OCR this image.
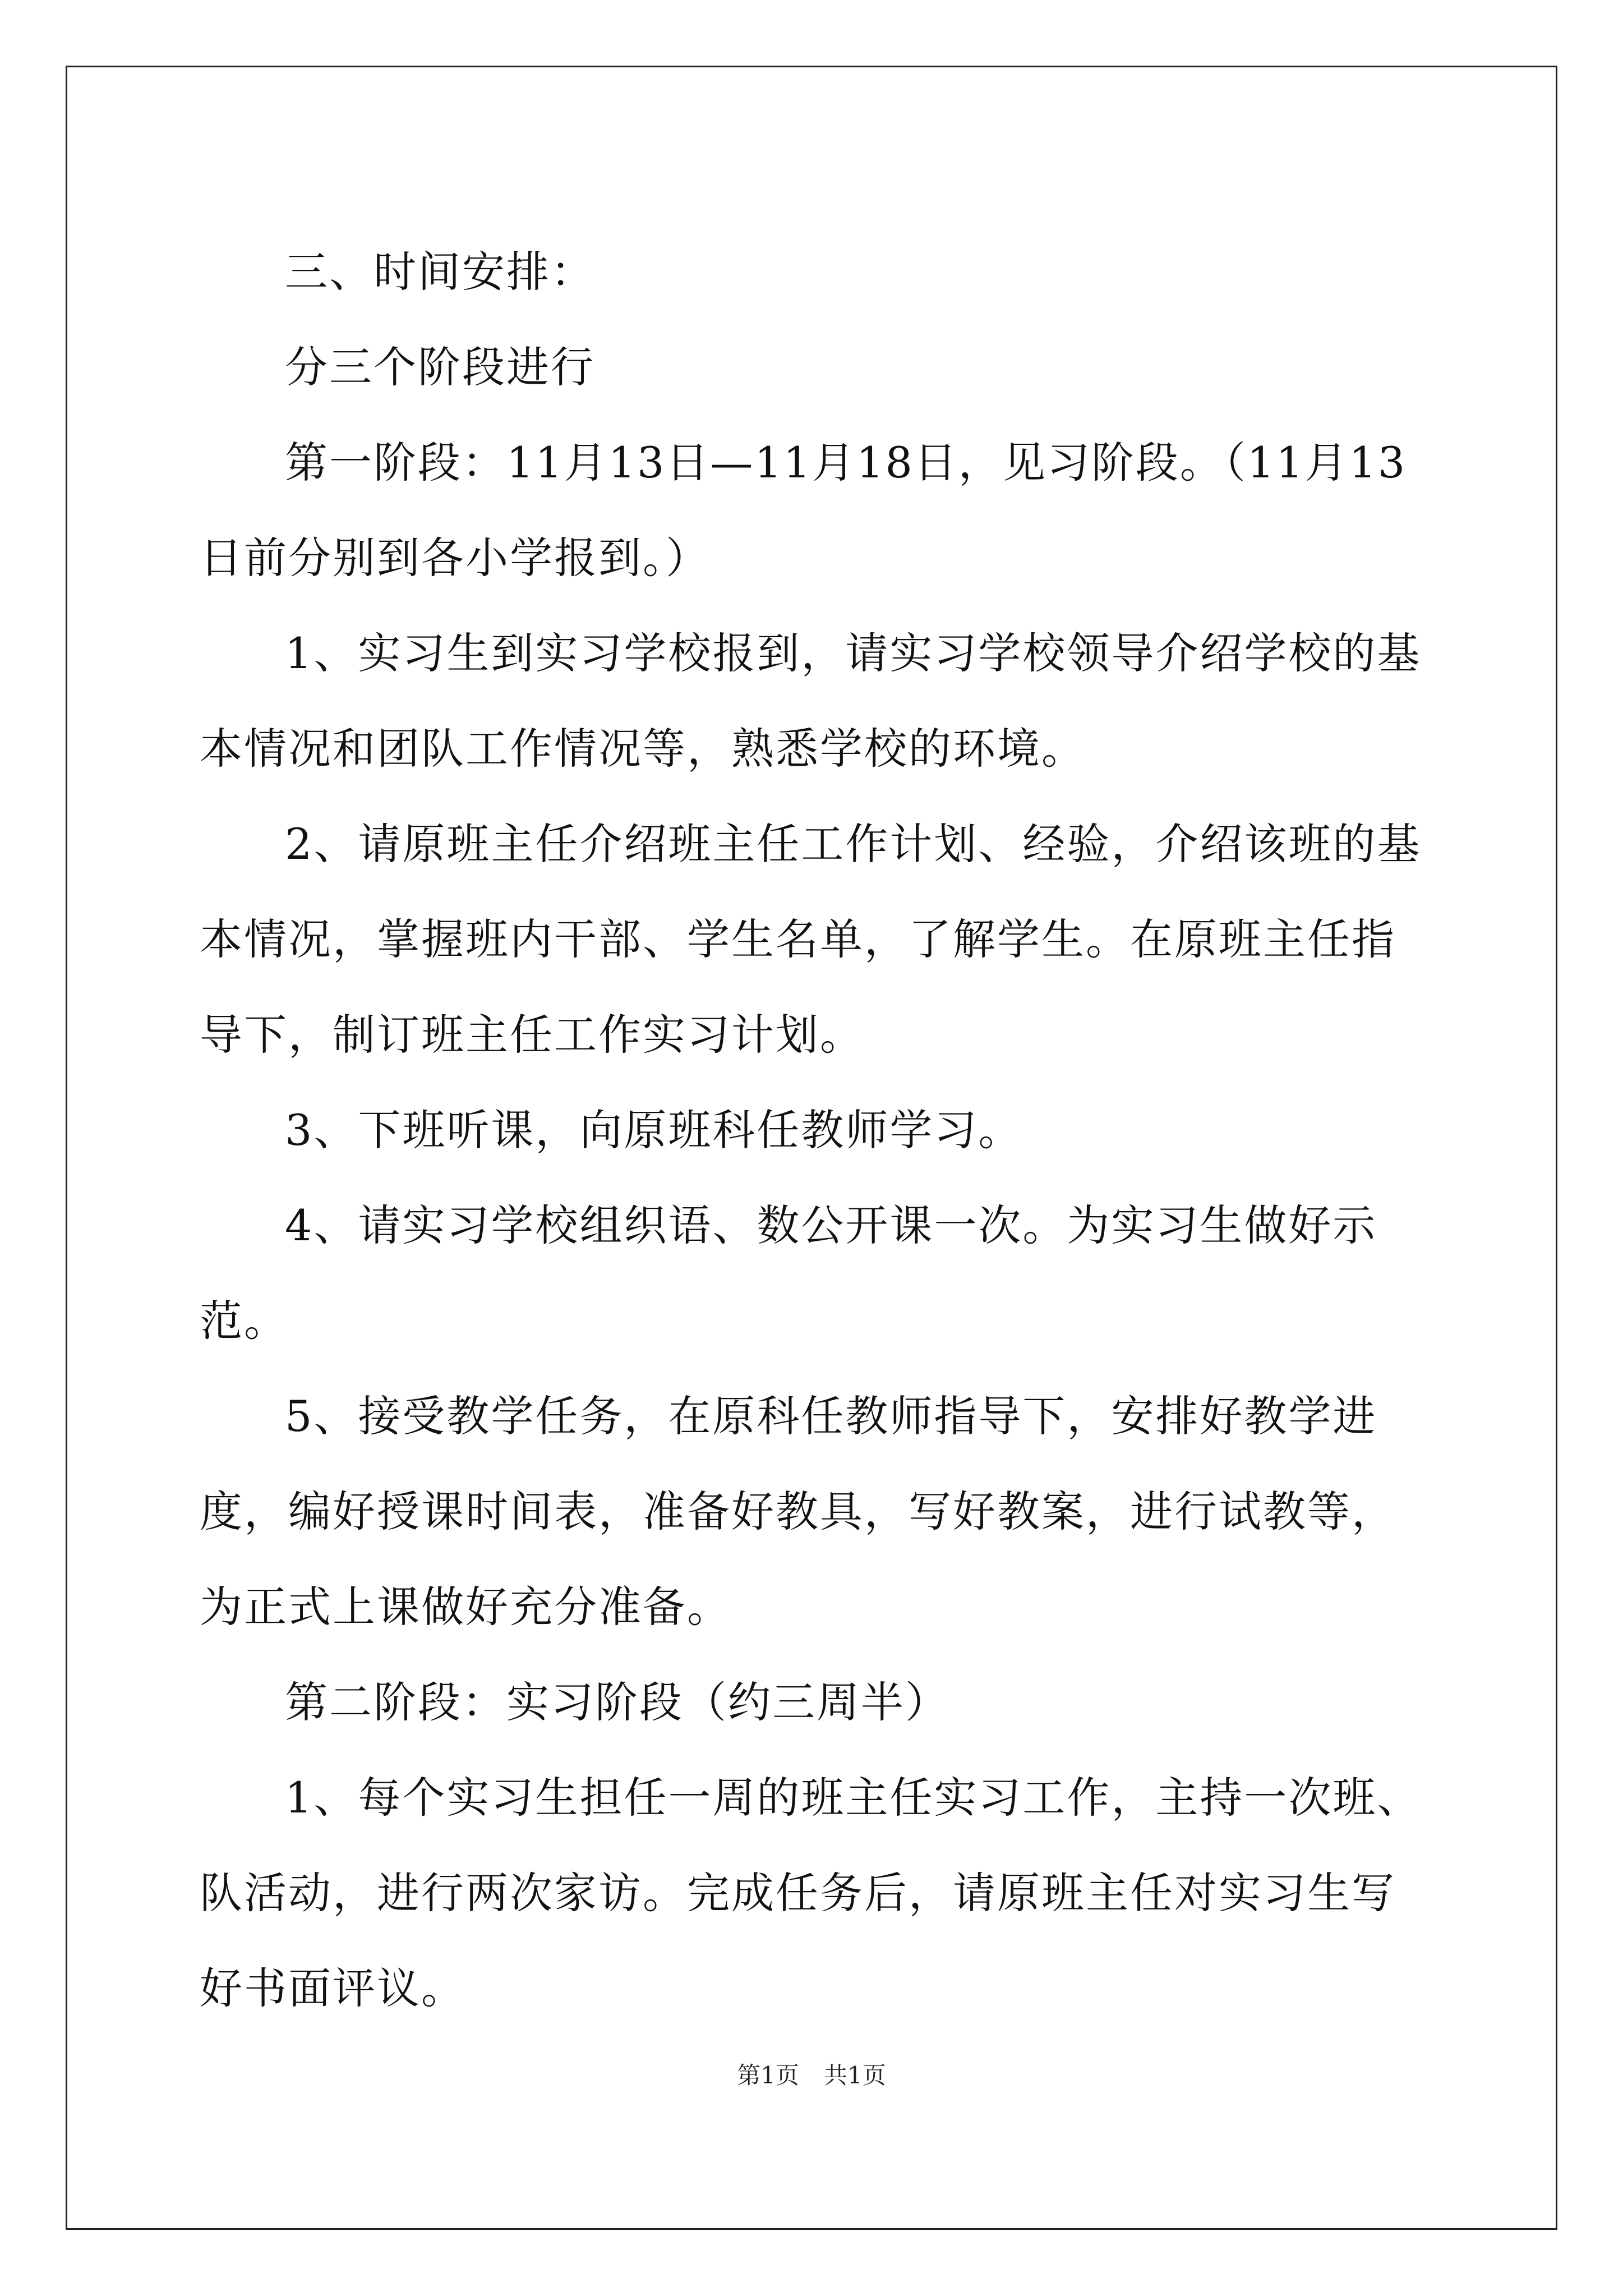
三、时间安排：

分三个阶段进行

第一阶段：11月13日—11月18日，见习阶段。（11月13日前分别到各小学报到。）

1、实习生到实习学校报到，请实习学校领导介绍学校的基本情况和团队工作情况等，熟悉学校的环境。

2、请原班主任介绍班主任工作计划、经验，介绍该班的基本情况，掌握班内干部、学生名单，了解学生。在原班主任指导下，制订班主任工作实习计划。

3、下班听课，向原班科任教师学习。

4、请实习学校组织语、数公开课一次。为实习生做好示范。

5、接受教学任务，在原科任教师指导下，安排好教学进度，编好授课时间表，准备好教具，写好教案，进行试教等，为正式上课做好充分准备。

第二阶段：实习阶段（约三周半）

1、每个实习生担任一周的班主任实习工作，主持一次班、队活动，进行两次家访。完成任务后，请原班主任对实习生写好书面评议。

第1页 共1页
